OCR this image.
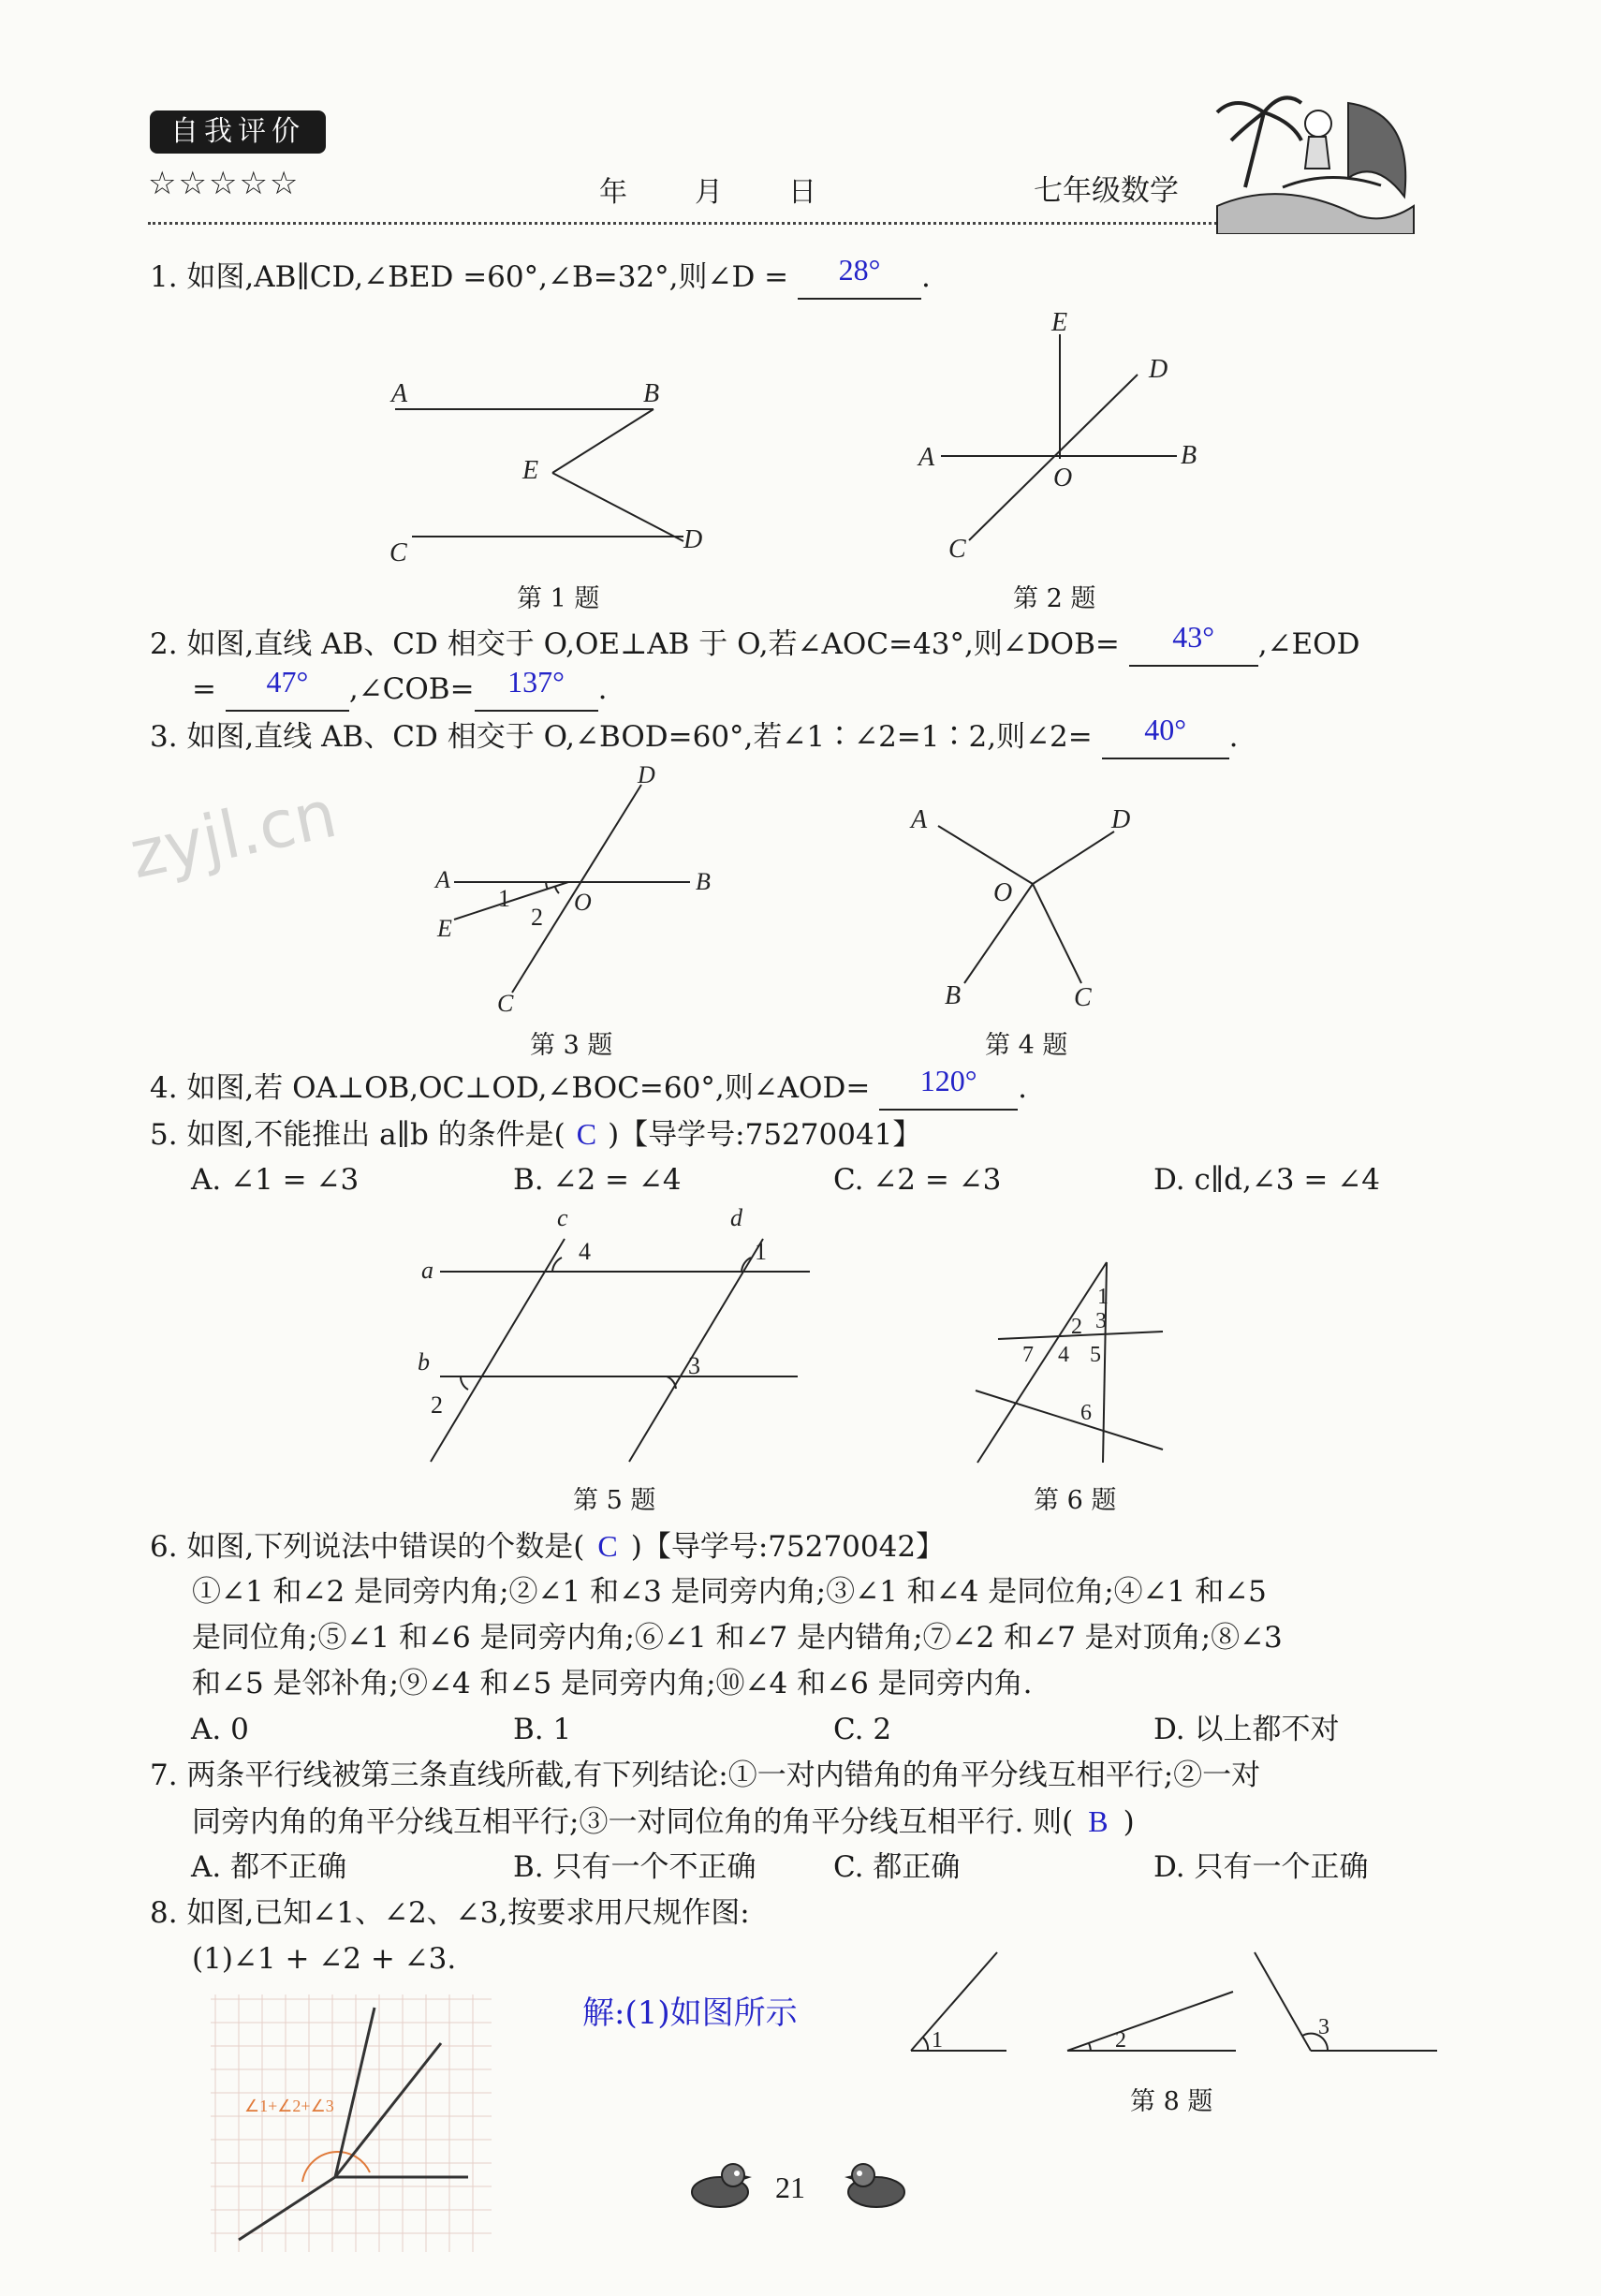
自我评价
☆☆☆☆☆	年 月 日	七年级数学
zyjl.cn
1. 如图,AB∥CD,∠BED =60°,∠B=32°,则∠D = 28° .
A	B
E
C	D
第 1 题
E
D
A
O
B
C
第 2 题
2. 如图,直线 AB、CD 相交于 O,OE⊥AB 于 O,若∠AOC=43°,则∠DOB= 43° ,∠EOD
= 47° ,∠COB= 137° .
3. 如图,直线 AB、CD 相交于 O,∠BOD=60°,若∠1∶∠2=1∶2,则∠2= 40° .
D
A
1	O
B
E	2
C
第 3 题
A	D
O
B	C
第 4 题
4. 如图,若 OA⊥OB,OC⊥OD,∠BOC=60°,则∠AOD= 120° .
5. 如图,不能推出 a∥b 的条件是( C )【导学号:75270041】
A. ∠1 = ∠3	B. ∠2 = ∠4	C. ∠2 = ∠3	D. c∥d,∠3 = ∠4
c	d
a
4	1
b	3
2
第 5 题
1
2 3
7 4 5
6
第 6 题
6. 如图,下列说法中错误的个数是( C )【导学号:75270042】
①∠1 和∠2 是同旁内角;②∠1 和∠3 是同旁内角;③∠1 和∠4 是同位角;④∠1 和∠5
是同位角;⑤∠1 和∠6 是同旁内角;⑥∠1 和∠7 是内错角;⑦∠2 和∠7 是对顶角;⑧∠3
和∠5 是邻补角;⑨∠4 和∠5 是同旁内角;⑩∠4 和∠6 是同旁内角.
A. 0	B. 1	C. 2	D. 以上都不对
7. 两条平行线被第三条直线所截,有下列结论:①一对内错角的角平分线互相平行;②一对
同旁内角的角平分线互相平行;③一对同位角的角平分线互相平行. 则( B )
A. 都不正确	B. 只有一个不正确	C. 都正确	D. 只有一个正确
8. 如图,已知∠1、∠2、∠3,按要求用尺规作图:
(1)∠1 + ∠2 + ∠3.
解:(1)如图所示
∠1+∠2+∠3
1	2
3
第 8 题
21
